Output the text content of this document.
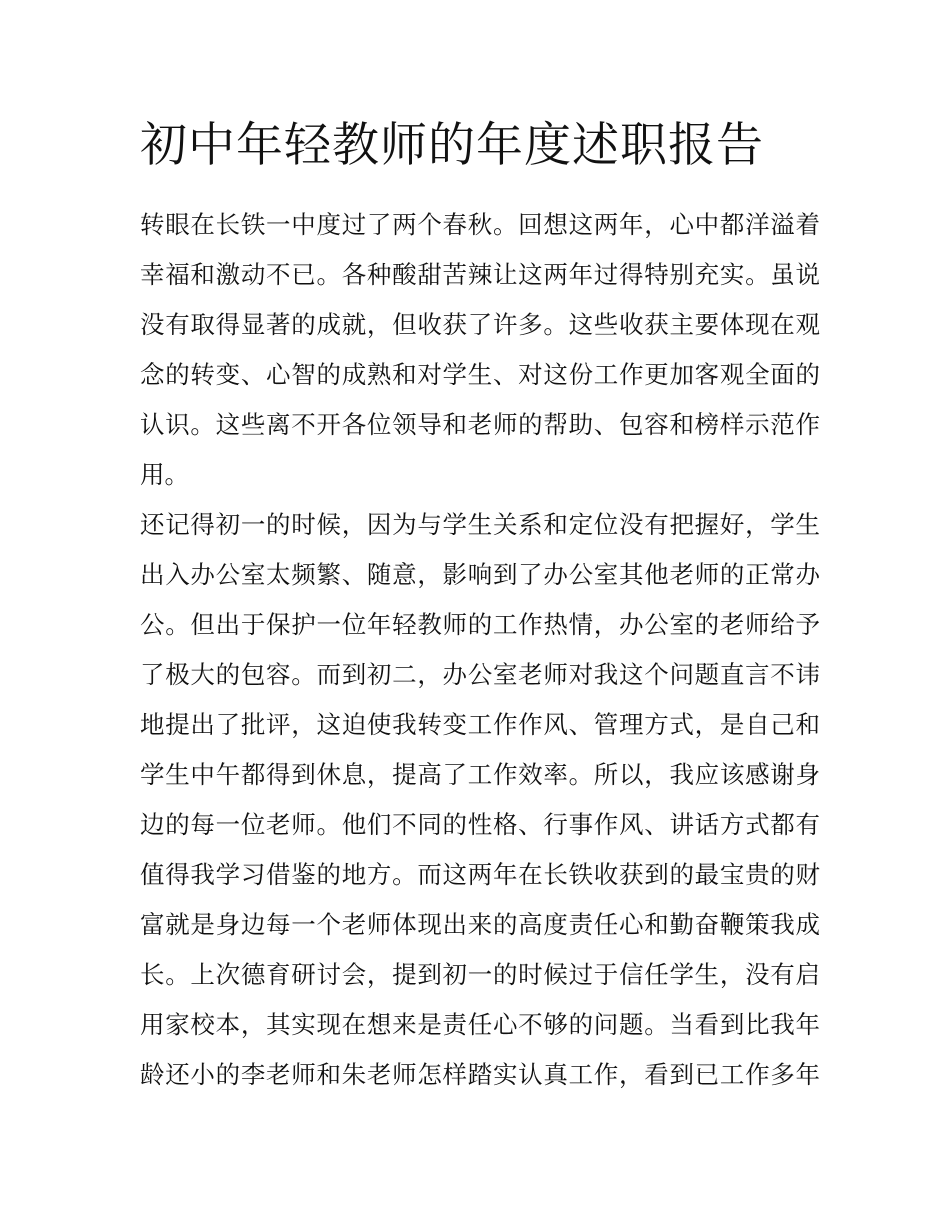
初中年轻教师的年度述职报告
转眼在长铁一中度过了两个春秋。回想这两年，心中都洋溢着
幸福和激动不已。各种酸甜苦辣让这两年过得特别充实。虽说
没有取得显著的成就，但收获了许多。这些收获主要体现在观
念的转变、心智的成熟和对学生、对这份工作更加客观全面的
认识。这些离不开各位领导和老师的帮助、包容和榜样示范作
用。
还记得初一的时候，因为与学生关系和定位没有把握好，学生
出入办公室太频繁、随意，影响到了办公室其他老师的正常办
公。但出于保护一位年轻教师的工作热情，办公室的老师给予
了极大的包容。而到初二，办公室老师对我这个问题直言不讳
地提出了批评，这迫使我转变工作作风、管理方式，是自己和
学生中午都得到休息，提高了工作效率。所以，我应该感谢身
边的每一位老师。他们不同的性格、行事作风、讲话方式都有
值得我学习借鉴的地方。而这两年在长铁收获到的最宝贵的财
富就是身边每一个老师体现出来的高度责任心和勤奋鞭策我成
长。上次德育研讨会，提到初一的时候过于信任学生，没有启
用家校本，其实现在想来是责任心不够的问题。当看到比我年
龄还小的李老师和朱老师怎样踏实认真工作，看到已工作多年
